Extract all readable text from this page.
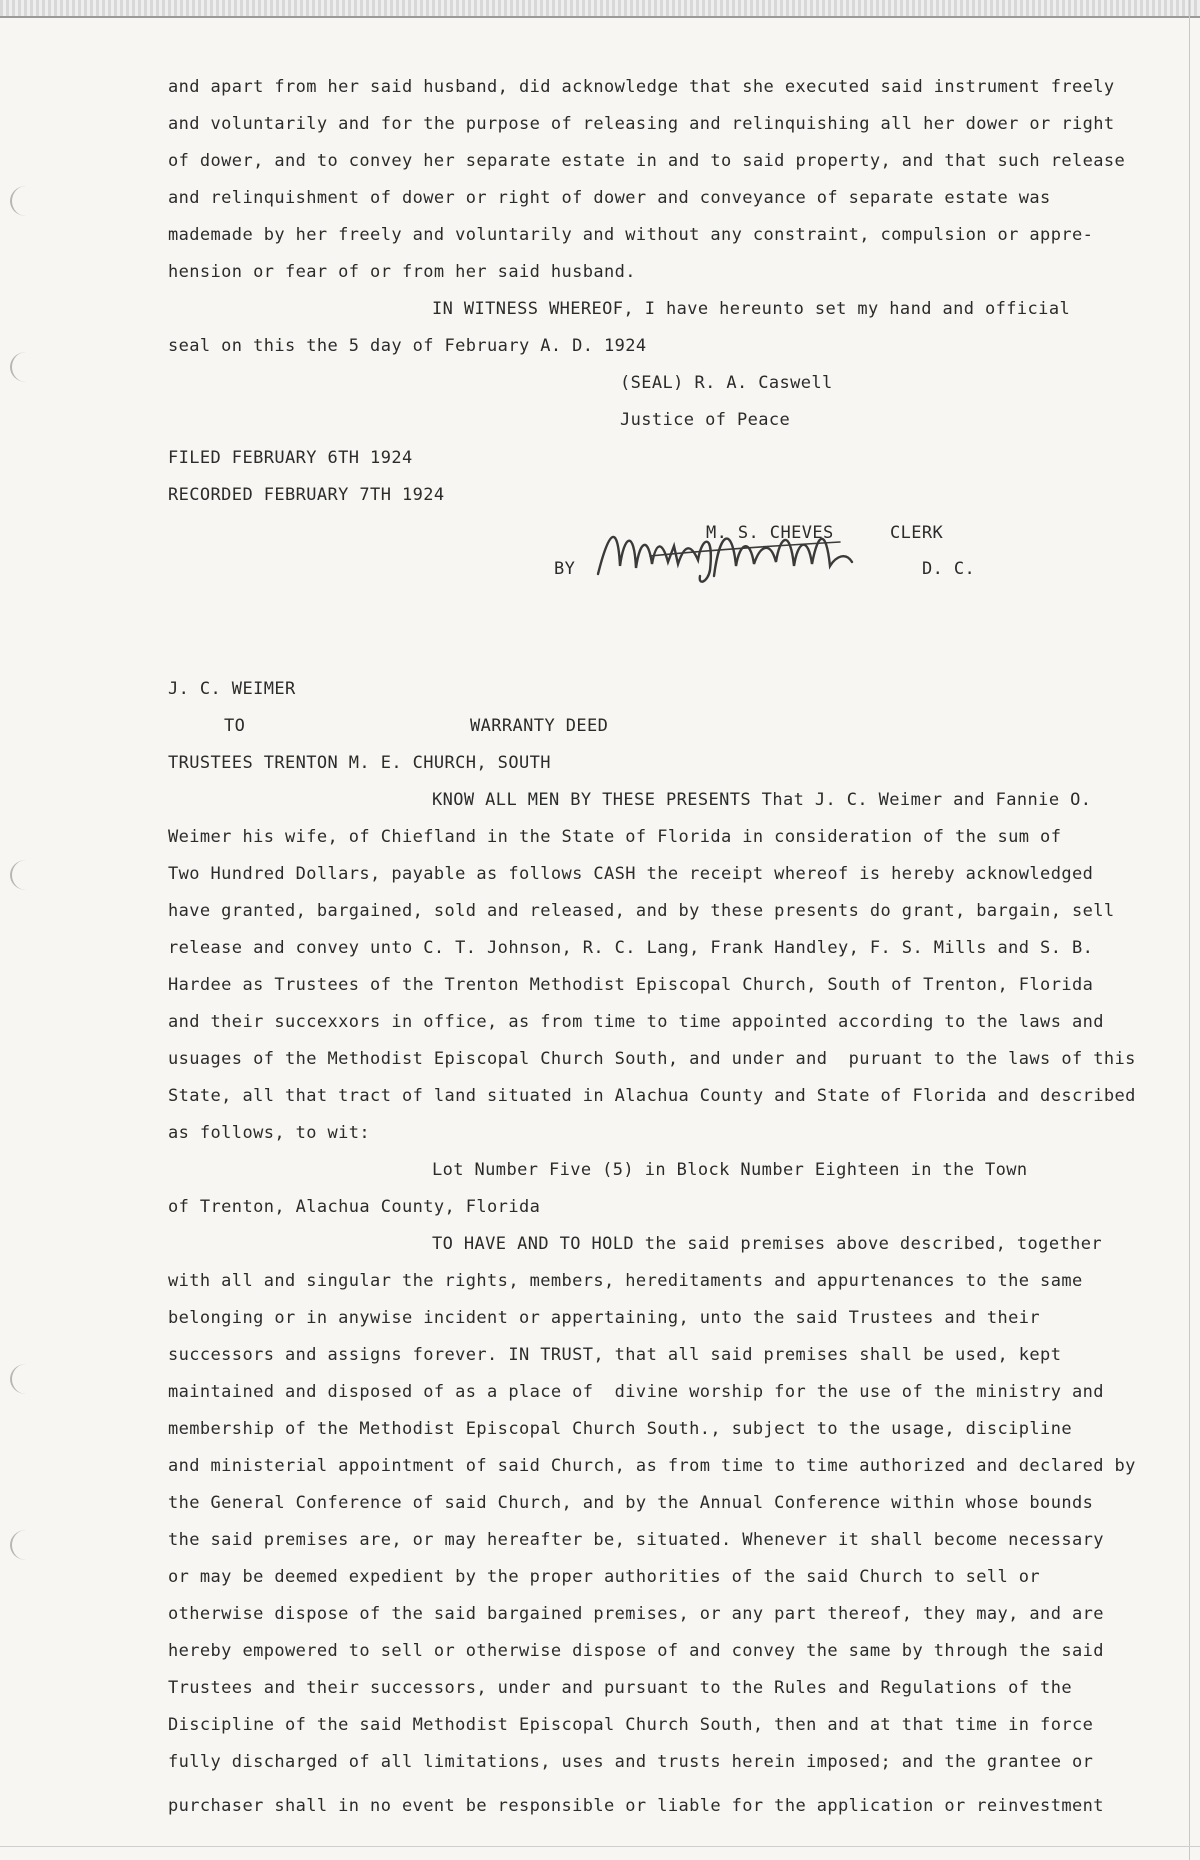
and apart from her said husband, did acknowledge that she executed said instrument freely
and voluntarily and for the purpose of releasing and relinquishing all her dower or right
of dower, and to convey her separate estate in and to said property, and that such release
and relinquishment of dower or right of dower and conveyance of separate estate was
mademade by her freely and voluntarily and without any constraint, compulsion or appre-
hension or fear of or from her said husband.
IN WITNESS WHEREOF, I have hereunto set my hand and official
seal on this the 5 day of February A. D. 1924
(SEAL) R. A. Caswell
Justice of Peace
FILED FEBRUARY 6TH 1924
RECORDED FEBRUARY 7TH 1924
M. S. CHEVES	CLERK
BY	D. C.
J. C. WEIMER
TO	WARRANTY DEED
TRUSTEES TRENTON M. E. CHURCH, SOUTH
KNOW ALL MEN BY THESE PRESENTS That J. C. Weimer and Fannie O.
Weimer his wife, of Chiefland in the State of Florida in consideration of the sum of
Two Hundred Dollars, payable as follows CASH the receipt whereof is hereby acknowledged
have granted, bargained, sold and released, and by these presents do grant, bargain, sell
release and convey unto C. T. Johnson, R. C. Lang, Frank Handley, F. S. Mills and S. B.
Hardee as Trustees of the Trenton Methodist Episcopal Church, South of Trenton, Florida
and their succexxors in office, as from time to time appointed according to the laws and
usuages of the Methodist Episcopal Church South, and under and  puruant to the laws of this
State, all that tract of land situated in Alachua County and State of Florida and described
as follows, to wit:
Lot Number Five (5) in Block Number Eighteen in the Town
of Trenton, Alachua County, Florida
TO HAVE AND TO HOLD the said premises above described, together
with all and singular the rights, members, hereditaments and appurtenances to the same
belonging or in anywise incident or appertaining, unto the said Trustees and their
successors and assigns forever. IN TRUST, that all said premises shall be used, kept
maintained and disposed of as a place of  divine worship for the use of the ministry and
membership of the Methodist Episcopal Church South., subject to the usage, discipline
and ministerial appointment of said Church, as from time to time authorized and declared by
the General Conference of said Church, and by the Annual Conference within whose bounds
the said premises are, or may hereafter be, situated. Whenever it shall become necessary
or may be deemed expedient by the proper authorities of the said Church to sell or
otherwise dispose of the said bargained premises, or any part thereof, they may, and are
hereby empowered to sell or otherwise dispose of and convey the same by through the said
Trustees and their successors, under and pursuant to the Rules and Regulations of the
Discipline of the said Methodist Episcopal Church South, then and at that time in force
fully discharged of all limitations, uses and trusts herein imposed; and the grantee or
purchaser shall in no event be responsible or liable for the application or reinvestment
